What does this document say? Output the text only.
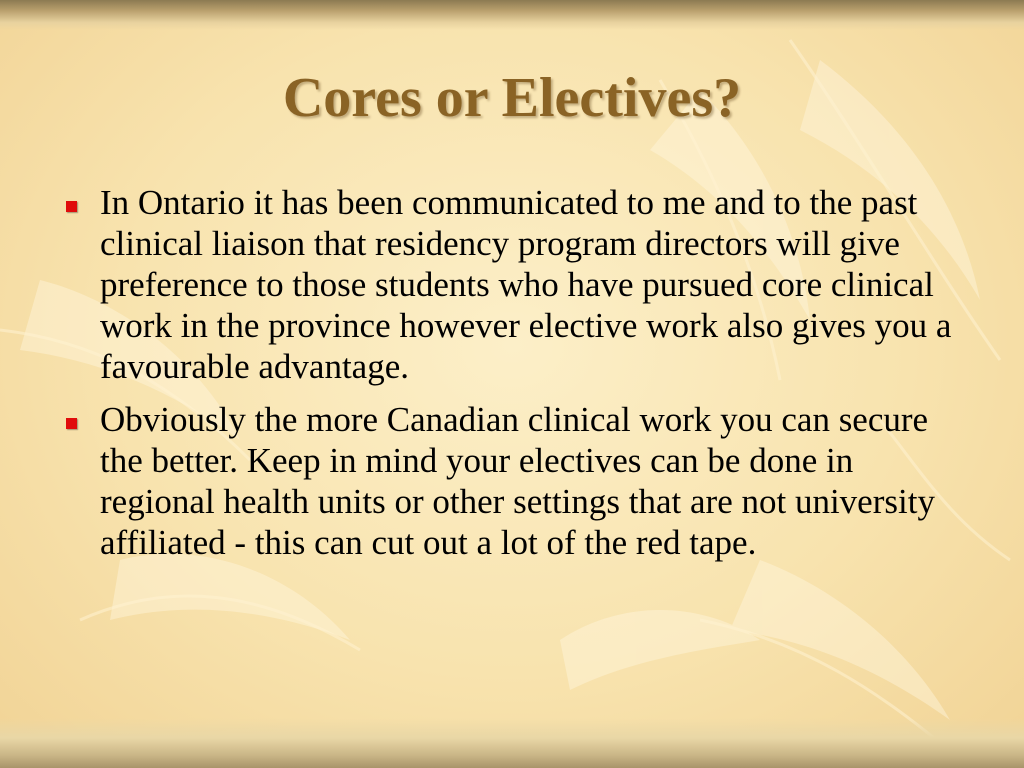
Cores or Electives?
In Ontario it has been communicated to me and to the past clinical liaison that residency program directors will give preference to those students who have pursued core clinical work in the province however elective work also gives you a favourable advantage.
Obviously the more Canadian clinical work you can secure the better. Keep in mind your electives can be done in regional health units or other settings that are not university affiliated - this can cut out a lot of the red tape.
